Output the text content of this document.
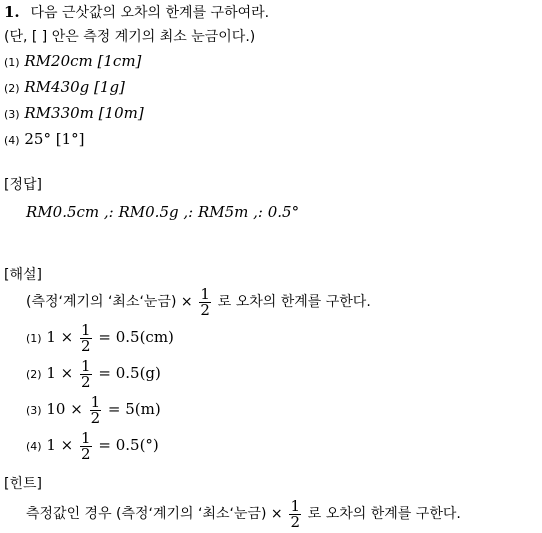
1. 다음 근삿값의 오차의 한계를 구하여라.
(단, [ ] 안은 측정 계기의 최소 눈금이다.)
(1) RM20cm [1cm]
(2) RM430g [1g]
(3) RM330m [10m]
(4) 25° [1°]
[정답]
RM0.5cm ,: RM0.5g ,: RM5m ,: 0.5°
[해설]
(측정‘계기의 ‘최소‘눈금) × $\frac{1}{2}$ 로 오차의 한계를 구한다.
(1) $1 \times \frac{1}{2} = 0.5(cm)$
(2) $1 \times \frac{1}{2} = 0.5(g)$
(3) $10 \times \frac{1}{2} = 5(m)$
(4) $1 \times \frac{1}{2} = 0.5(^\circ)$
[힌트]
측정값인 경우 (측정‘계기의 ‘최소‘눈금) × $\frac{1}{2}$ 로 오차의 한계를 구한다.
